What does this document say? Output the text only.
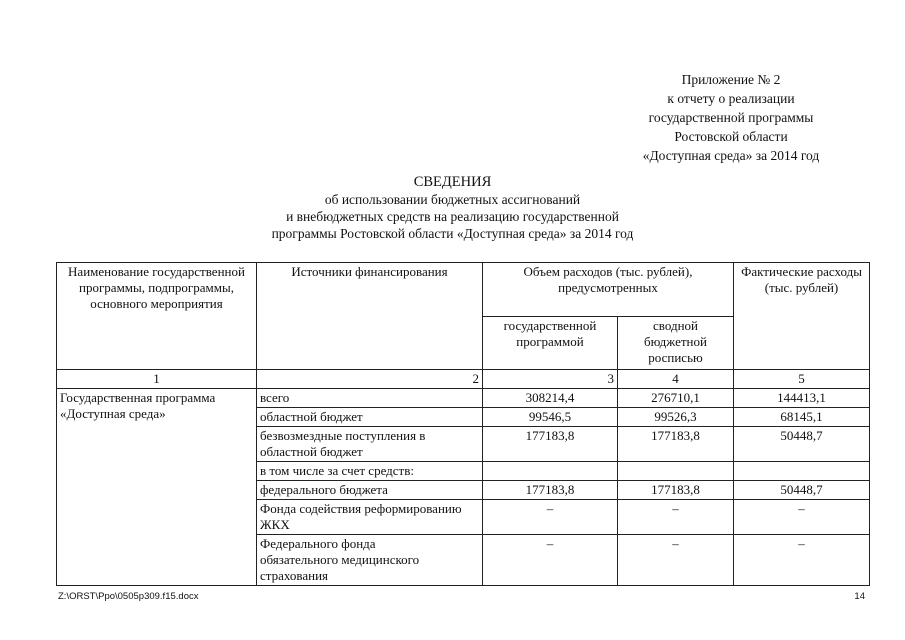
Приложение № 2
к отчету о реализации
государственной программы
Ростовской области
«Доступная среда» за 2014 год
СВЕДЕНИЯ
об использовании бюджетных ассигнований
и внебюджетных средств на реализацию государственной
программы Ростовской области «Доступная среда» за 2014 год
Наименование государственной программы, подпрограммы, основного мероприятия	Источники финансирования	Объем расходов (тыс. рублей), предусмотренных		Фактические расходы (тыс. рублей)
		государственной программой	сводной бюджетной росписью	
1	2	3	4	5
Государственная программа «Доступная среда»	всего	308214,4	276710,1	144413,1
	областной бюджет	99546,5	99526,3	68145,1
	безвозмездные поступления в областной бюджет	177183,8	177183,8	50448,7
	в том числе за счет средств:			
	федерального бюджета	177183,8	177183,8	50448,7
	Фонда содействия реформированию ЖКХ	–	–	–
	Федерального фонда обязательного медицинского страхования	–	–	–
Z:\ORST\Ppo\0505p309.f15.docx	14
